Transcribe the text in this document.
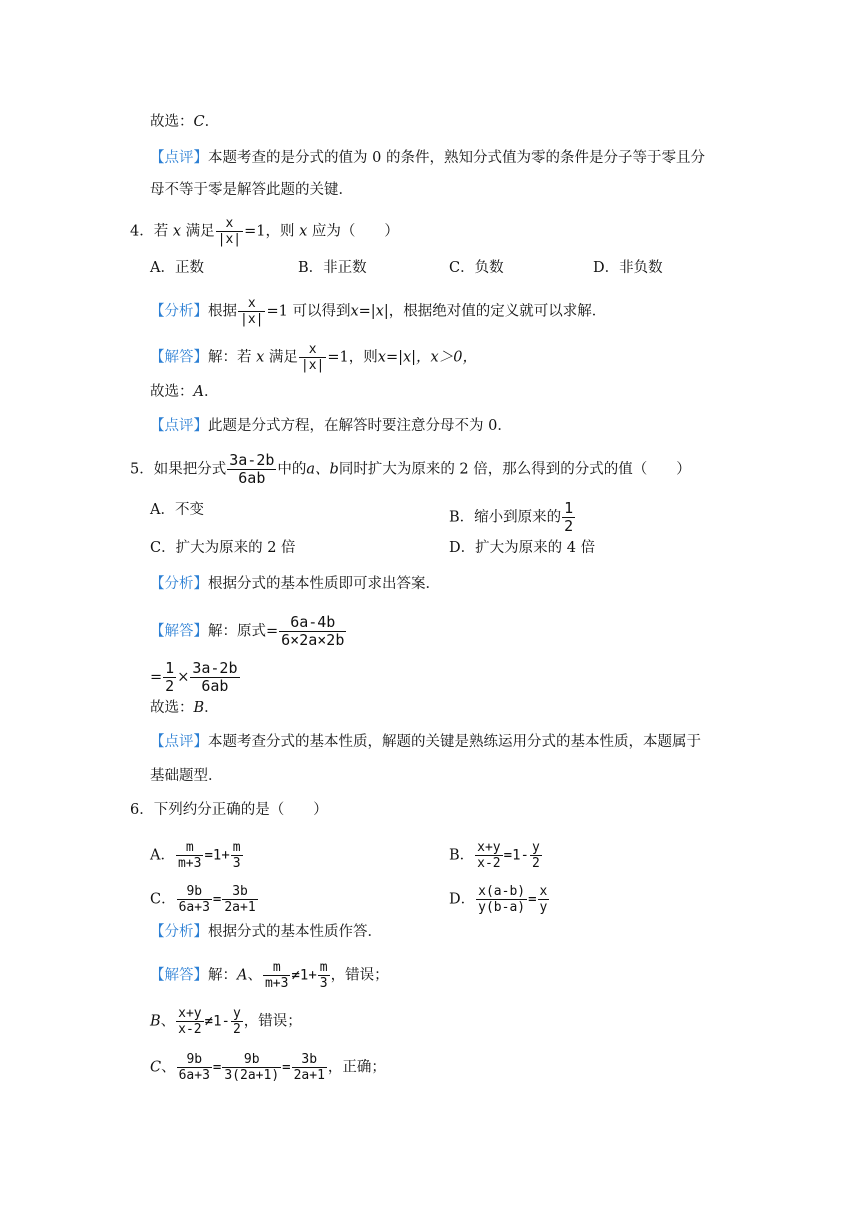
故选：C．
【点评】本题考查的是分式的值为 0 的条件，熟知分式值为零的条件是分子等于零且分
母不等于零是解答此题的关键．
4．若 x 满足 $\frac{x}{|x|} =1$，则 x 应为（　　）
A．正数	B．非正数	C．负数	D．非负数
【分析】根据 $\frac{x}{|x|} =1$ 可以得到x=|x|，根据绝对值的定义就可以求解．
【解答】解：若 x 满足 $\frac{x}{|x|} =1$，则x=|x|，x＞0，
故选：A．
【点评】此题是分式方程，在解答时要注意分母不为 0．
5．如果把分式 $\frac{3a-2b}{6ab}$ 中的a、b同时扩大为原来的 2 倍，那么得到的分式的值（　　）
A．不变	B．缩小到原来的 $\frac{1}{2}$
C．扩大为原来的 2 倍	D．扩大为原来的 4 倍
【分析】根据分式的基本性质即可求出答案．
【解答】解：原式= $\frac{6a-4b}{6\times 2a\times 2b}$
= $\frac{1}{2} \times \frac{3a-2b}{6ab}$
故选：B．
【点评】本题考查分式的基本性质，解题的关键是熟练运用分式的基本性质，本题属于
基础题型．
6．下列约分正确的是（　　）
A． $\frac{m}{m+3} =1+ \frac{m}{3}$	B． $\frac{x+y}{x-2} =1- \frac{y}{2}$
C． $\frac{9b}{6a+3} = \frac{3b}{2a+1}$	D． $\frac{x(a-b)}{y(b-a)} = \frac{x}{y}$
【分析】根据分式的基本性质作答．
【解答】解：A、 $\frac{m}{m+3} \ne 1+ \frac{m}{3}$ ，错误；
B、 $\frac{x+y}{x-2} \ne 1- \frac{y}{2}$ ，错误；
C、 $\frac{9b}{6a+3} = \frac{9b}{3(2a+1)} = \frac{3b}{2a+1}$ ，正确；
